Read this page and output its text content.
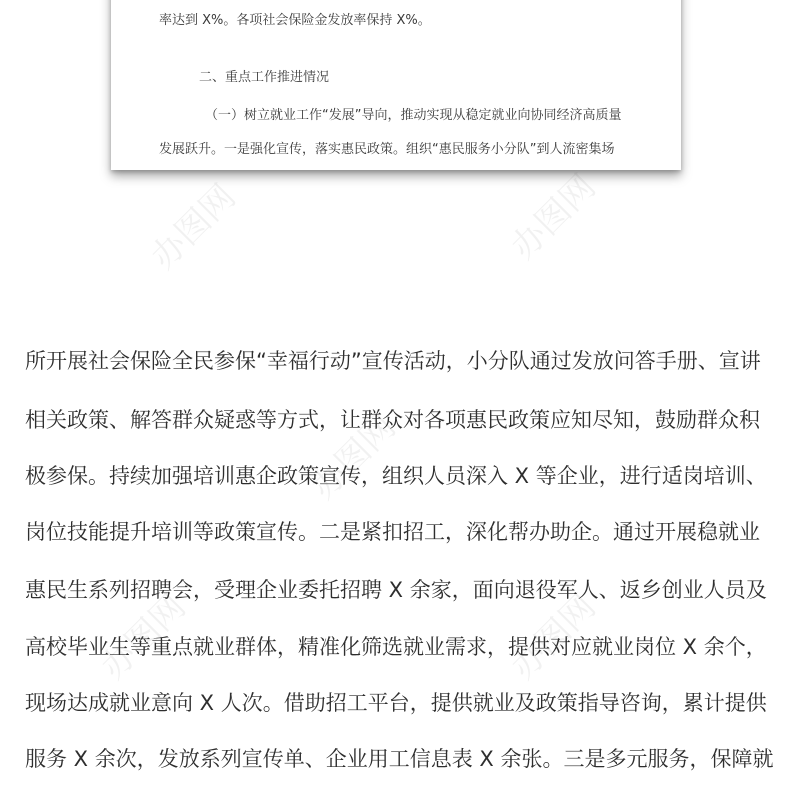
率达到 X%。各项社会保险金发放率保持 X%。
二、重点工作推进情况
（一）树立就业工作“发展”导向，推动实现从稳定就业向协同经济高质量
发展跃升。一是强化宣传，落实惠民政策。组织“惠民服务小分队”到人流密集场
所开展社会保险全民参保“幸福行动”宣传活动，小分队通过发放问答手册、宣讲
相关政策、解答群众疑惑等方式，让群众对各项惠民政策应知尽知，鼓励群众积
极参保。持续加强培训惠企政策宣传，组织人员深入 X 等企业，进行适岗培训、
岗位技能提升培训等政策宣传。二是紧扣招工，深化帮办助企。通过开展稳就业
惠民生系列招聘会，受理企业委托招聘 X 余家，面向退役军人、返乡创业人员及
高校毕业生等重点就业群体，精准化筛选就业需求，提供对应就业岗位 X 余个，
现场达成就业意向 X 人次。借助招工平台，提供就业及政策指导咨询，累计提供
服务 X 余次，发放系列宣传单、企业用工信息表 X 余张。三是多元服务，保障就
办图网	办图网
办图网
办图网	办图网
